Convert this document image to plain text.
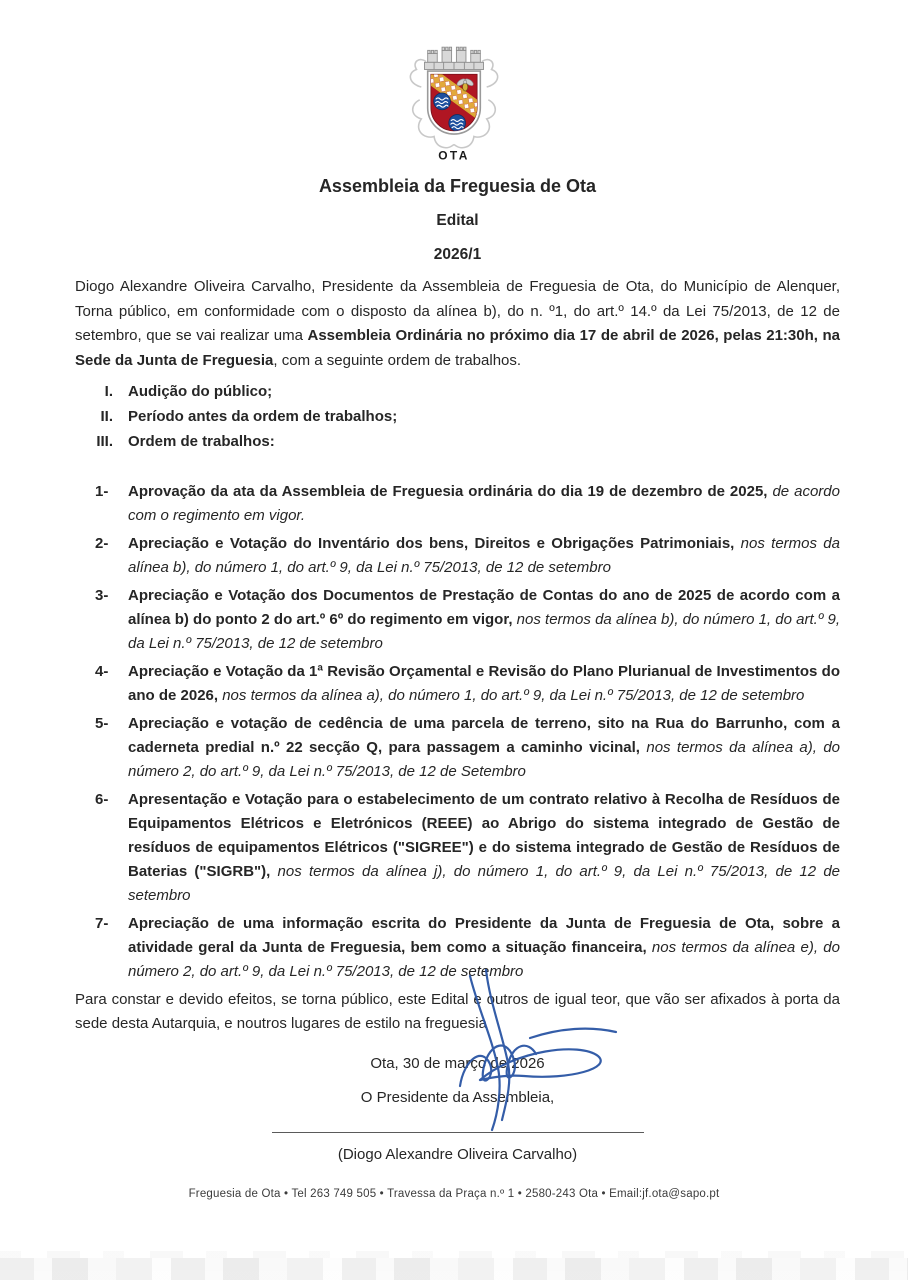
OTA
Assembleia da Freguesia de Ota
Edital
2026/1

Diogo Alexandre Oliveira Carvalho, Presidente da Assembleia de Freguesia de Ota, do Município de Alenquer, Torna público, em conformidade com o disposto da alínea b), do n. º1, do art.º 14.º da Lei 75/2013, de 12 de setembro, que se vai realizar uma Assembleia Ordinária no próximo dia 17 de abril de 2026, pelas 21:30h, na Sede da Junta de Freguesia, com a seguinte ordem de trabalhos.

I. Audição do público;
II. Período antes da ordem de trabalhos;
III. Ordem de trabalhos:
1- Aprovação da ata da Assembleia de Freguesia ordinária do dia 19 de dezembro de 2025, de acordo com o regimento em vigor.
2- Apreciação e Votação do Inventário dos bens, Direitos e Obrigações Patrimoniais, nos termos da alínea b), do número 1, do art.º 9, da Lei n.º 75/2013, de 12 de setembro
3- Apreciação e Votação dos Documentos de Prestação de Contas do ano de 2025 de acordo com a alínea b) do ponto 2 do art.º 6º do regimento em vigor, nos termos da alínea b), do número 1, do art.º 9, da Lei n.º 75/2013, de 12 de setembro
4- Apreciação e Votação da 1ª Revisão Orçamental e Revisão do Plano Plurianual de Investimentos do ano de 2026, nos termos da alínea a), do número 1, do art.º 9, da Lei n.º 75/2013, de 12 de setembro
5- Apreciação e votação de cedência de uma parcela de terreno, sito na Rua do Barrunho, com a caderneta predial n.º 22 secção Q, para passagem a caminho vicinal, nos termos da alínea a), do número 2, do art.º 9, da Lei n.º 75/2013, de 12 de Setembro
6- Apresentação e Votação para o estabelecimento de um contrato relativo à Recolha de Resíduos de Equipamentos Elétricos e Eletrónicos (REEE) ao Abrigo do sistema integrado de Gestão de resíduos de equipamentos Elétricos ("SIGREE") e do sistema integrado de Gestão de Resíduos de Baterias ("SIGRB"), nos termos da alínea j), do número 1, do art.º 9, da Lei n.º 75/2013, de 12 de setembro
7- Apreciação de uma informação escrita do Presidente da Junta de Freguesia de Ota, sobre a atividade geral da Junta de Freguesia, bem como a situação financeira, nos termos da alínea e), do número 2, do art.º 9, da Lei n.º 75/2013, de 12 de setembro

Para constar e devido efeitos, se torna público, este Edital e outros de igual teor, que vão ser afixados à porta da sede desta Autarquia, e noutros lugares de estilo na freguesia

Ota, 30 de março de 2026

O Presidente da Assembleia,

(Diogo Alexandre Oliveira Carvalho)

Freguesia de Ota • Tel 263 749 505 • Travessa da Praça n.º 1 • 2580-243 Ota • Email:jf.ota@sapo.pt
